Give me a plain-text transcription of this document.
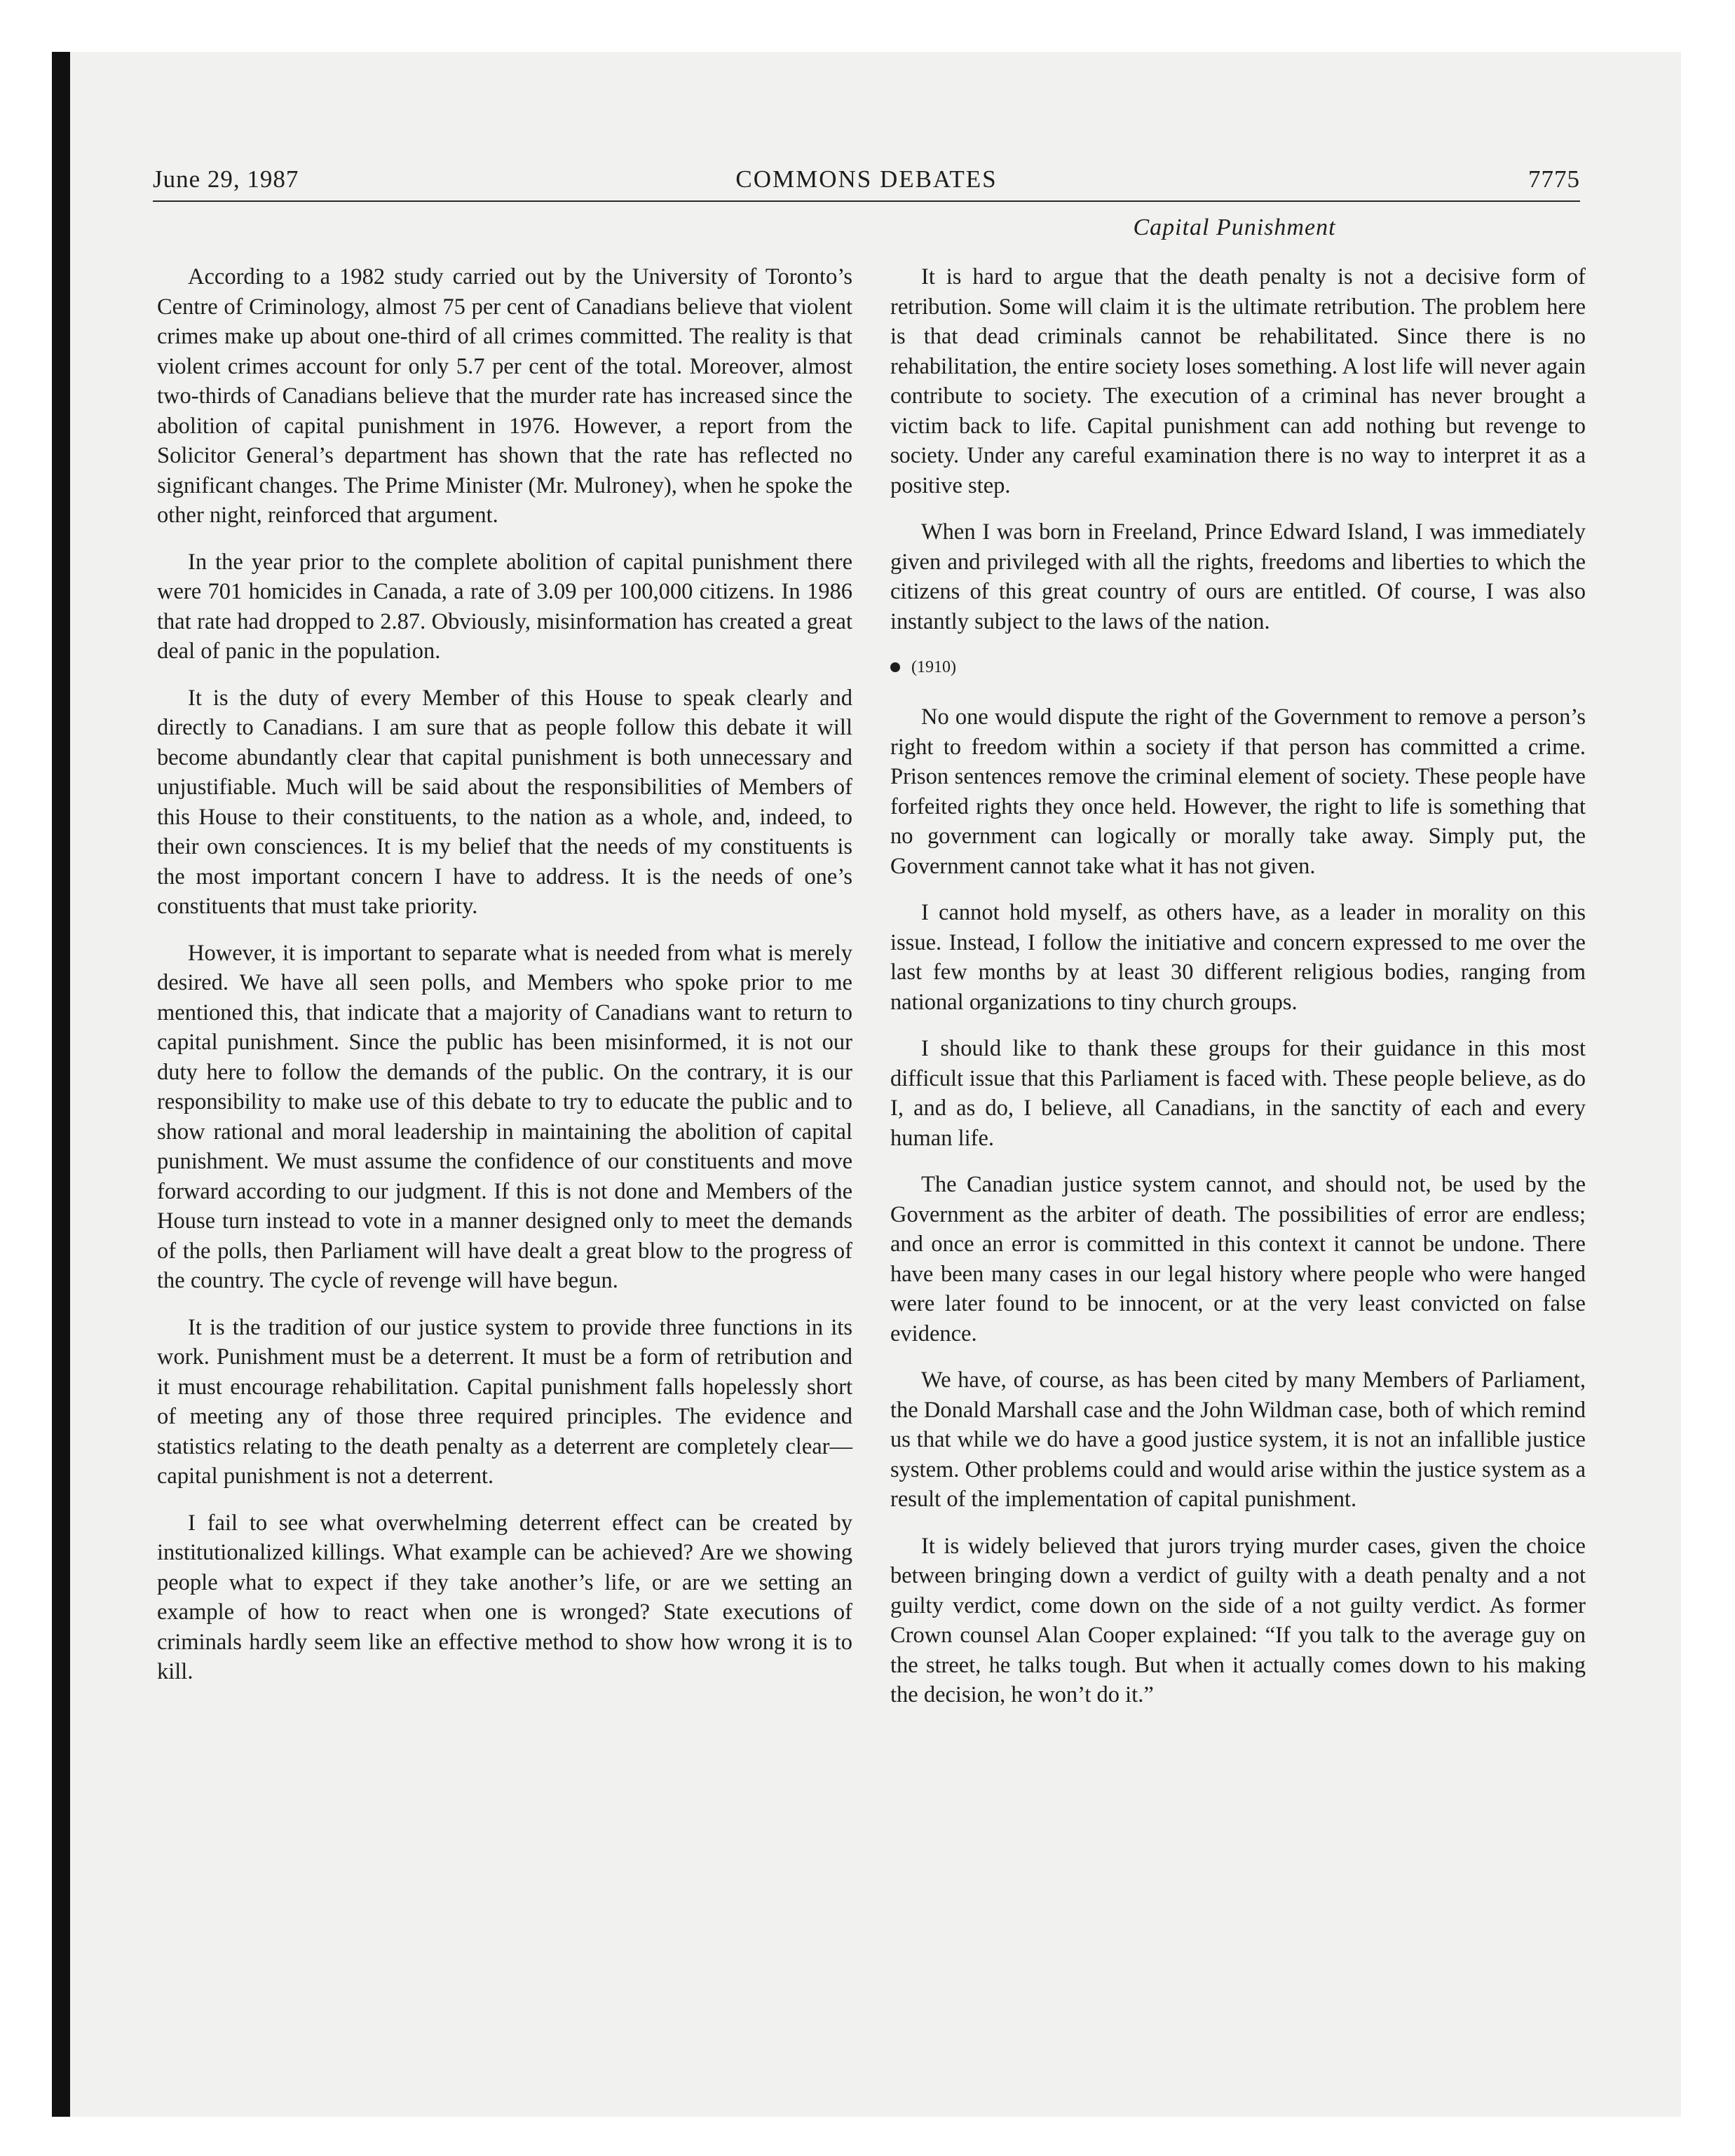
June 29, 1987	COMMONS DEBATES	7775
Capital Punishment

According to a 1982 study carried out by the University of Toronto’s Centre of Criminology, almost 75 per cent of Canadians believe that violent crimes make up about one-third of all crimes committed. The reality is that violent crimes account for only 5.7 per cent of the total. Moreover, almost two-thirds of Canadians believe that the murder rate has increased since the abolition of capital punishment in 1976. However, a report from the Solicitor General’s department has shown that the rate has reflected no significant changes. The Prime Minister (Mr. Mulroney), when he spoke the other night, reinforced that argument.

In the year prior to the complete abolition of capital punishment there were 701 homicides in Canada, a rate of 3.09 per 100,000 citizens. In 1986 that rate had dropped to 2.87. Obviously, misinformation has created a great deal of panic in the population.

It is the duty of every Member of this House to speak clearly and directly to Canadians. I am sure that as people follow this debate it will become abundantly clear that capital punishment is both unnecessary and unjustifiable. Much will be said about the responsibilities of Members of this House to their constituents, to the nation as a whole, and, indeed, to their own consciences. It is my belief that the needs of my constituents is the most important concern I have to address. It is the needs of one’s constituents that must take priority.

However, it is important to separate what is needed from what is merely desired. We have all seen polls, and Members who spoke prior to me mentioned this, that indicate that a majority of Canadians want to return to capital punishment. Since the public has been misinformed, it is not our duty here to follow the demands of the public. On the contrary, it is our responsibility to make use of this debate to try to educate the public and to show rational and moral leadership in maintaining the abolition of capital punishment. We must assume the confidence of our constituents and move forward according to our judgment. If this is not done and Members of the House turn instead to vote in a manner designed only to meet the demands of the polls, then Parliament will have dealt a great blow to the progress of the country. The cycle of revenge will have begun.

It is the tradition of our justice system to provide three functions in its work. Punishment must be a deterrent. It must be a form of retribution and it must encourage rehabilitation. Capital punishment falls hopelessly short of meeting any of those three required principles. The evidence and statistics relating to the death penalty as a deterrent are completely clear—capital punishment is not a deterrent.

I fail to see what overwhelming deterrent effect can be created by institutionalized killings. What example can be achieved? Are we showing people what to expect if they take another’s life, or are we setting an example of how to react when one is wronged? State executions of criminals hardly seem like an effective method to show how wrong it is to kill.

It is hard to argue that the death penalty is not a decisive form of retribution. Some will claim it is the ultimate retribution. The problem here is that dead criminals cannot be rehabilitated. Since there is no rehabilitation, the entire society loses something. A lost life will never again contribute to society. The execution of a criminal has never brought a victim back to life. Capital punishment can add nothing but revenge to society. Under any careful examination there is no way to interpret it as a positive step.

When I was born in Freeland, Prince Edward Island, I was immediately given and privileged with all the rights, freedoms and liberties to which the citizens of this great country of ours are entitled. Of course, I was also instantly subject to the laws of the nation.

(1910)

No one would dispute the right of the Government to remove a person’s right to freedom within a society if that person has committed a crime. Prison sentences remove the criminal element of society. These people have forfeited rights they once held. However, the right to life is something that no government can logically or morally take away. Simply put, the Government cannot take what it has not given.

I cannot hold myself, as others have, as a leader in morality on this issue. Instead, I follow the initiative and concern expressed to me over the last few months by at least 30 different religious bodies, ranging from national organizations to tiny church groups.

I should like to thank these groups for their guidance in this most difficult issue that this Parliament is faced with. These people believe, as do I, and as do, I believe, all Canadians, in the sanctity of each and every human life.

The Canadian justice system cannot, and should not, be used by the Government as the arbiter of death. The possibilities of error are endless; and once an error is committed in this context it cannot be undone. There have been many cases in our legal history where people who were hanged were later found to be innocent, or at the very least convicted on false evidence.

We have, of course, as has been cited by many Members of Parliament, the Donald Marshall case and the John Wildman case, both of which remind us that while we do have a good justice system, it is not an infallible justice system. Other problems could and would arise within the justice system as a result of the implementation of capital punishment.

It is widely believed that jurors trying murder cases, given the choice between bringing down a verdict of guilty with a death penalty and a not guilty verdict, come down on the side of a not guilty verdict. As former Crown counsel Alan Cooper explained: “If you talk to the average guy on the street, he talks tough. But when it actually comes down to his making the decision, he won’t do it.”
